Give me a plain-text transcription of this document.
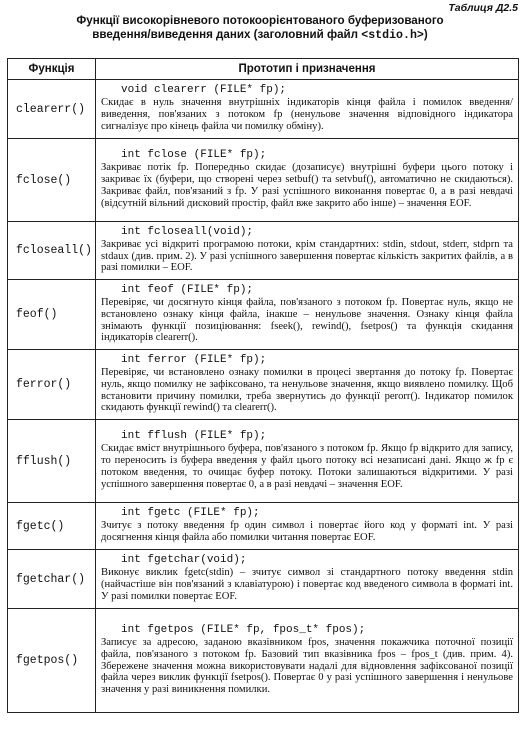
Таблиця Д2.5
Функції високорівневого потокоорієнтованого буферизованого
введення/виведення даних (заголовний файл <stdio.h>)
Функція	Прототип і призначення
clearerr()	void clearerr (FILE* fp);
Скидає в нуль значення внутрішніх індикаторів кінця файла і помилок введення/виведення, пов'язаних з потоком fp (ненульове значення відповідного індикатора сигналізує про кінець файла чи помилку обміну).

fclose()	int fclose (FILE* fp);
Закриває потік fp. Попередньо скидає (дозаписує) внутрішні буфери цього потоку і закриває їх (буфери, що створені через setbuf() та setvbuf(), автоматично не скидаються). Закриває файл, пов'язаний з fp. У разі успішного виконання повертає 0, а в разі невдачі (відсутній вільний дисковий простір, файл вже закрито або інше) – значення EOF.

fcloseall()	int fcloseall(void);
Закриває усі відкриті програмою потоки, крім стандартних: stdin, stdout, stderr, stdprn та stdaux (див. прим. 2). У разі успішного завершення повертає кількість закритих файлів, а в разі помилки – EOF.

feof()	int feof (FILE* fp);
Перевіряє, чи досягнуто кінця файла, пов'язаного з потоком fp. Повертає нуль, якщо не встановлено ознаку кінця файла, інакше – ненульове значення. Ознаку кінця файла знімають функції позиціювання: fseek(), rewind(), fsetpos() та функція скидання індикаторів clearerr().

ferror()	int ferror (FILE* fp);
Перевіряє, чи встановлено ознаку помилки в процесі звертання до потоку fp. Повертає нуль, якщо помилку не зафіксовано, та ненульове значення, якщо виявлено помилку. Щоб встановити причину помилки, треба звернутись до функції perorr(). Індикатор помилок скидають функції rewind() та clearerr().

fflush()	int fflush (FILE* fp);
Скидає вміст внутрішнього буфера, пов'язаного з потоком fp. Якщо fp відкрито для запису, то переносить із буфера введення у файл цього потоку всі незаписані дані. Якщо ж fp є потоком введення, то очищає буфер потоку. Потоки залишаються відкритими. У разі успішного завершення повертає 0, а в разі невдачі – значення EOF.

fgetc()	int fgetc (FILE* fp);
Зчитує з потоку введення fp один символ і повертає його код у форматі int. У разі досягнення кінця файла або помилки читання повертає EOF.

fgetchar()	int fgetchar(void);
Виконує виклик fgetc(stdin) – зчитує символ зі стандартного потоку введення stdin (найчастіше він пов'язаний з клавіатурою) і повертає код введеного символа в форматі int. У разі помилки повертає EOF.

fgetpos()	int fgetpos (FILE* fp, fpos_t* fpos);
Записує за адресою, заданою вказівником fpos, значення покажчика поточної позиції файла, пов'язаного з потоком fp. Базовий тип вказівника fpos – fpos_t (див. прим. 4). Збережене значення можна використовувати надалі для відновлення зафіксованої позиції файла через виклик функції fsetpos(). Повертає 0 у разі успішного завершення і ненульове значення у разі виникнення помилки.
